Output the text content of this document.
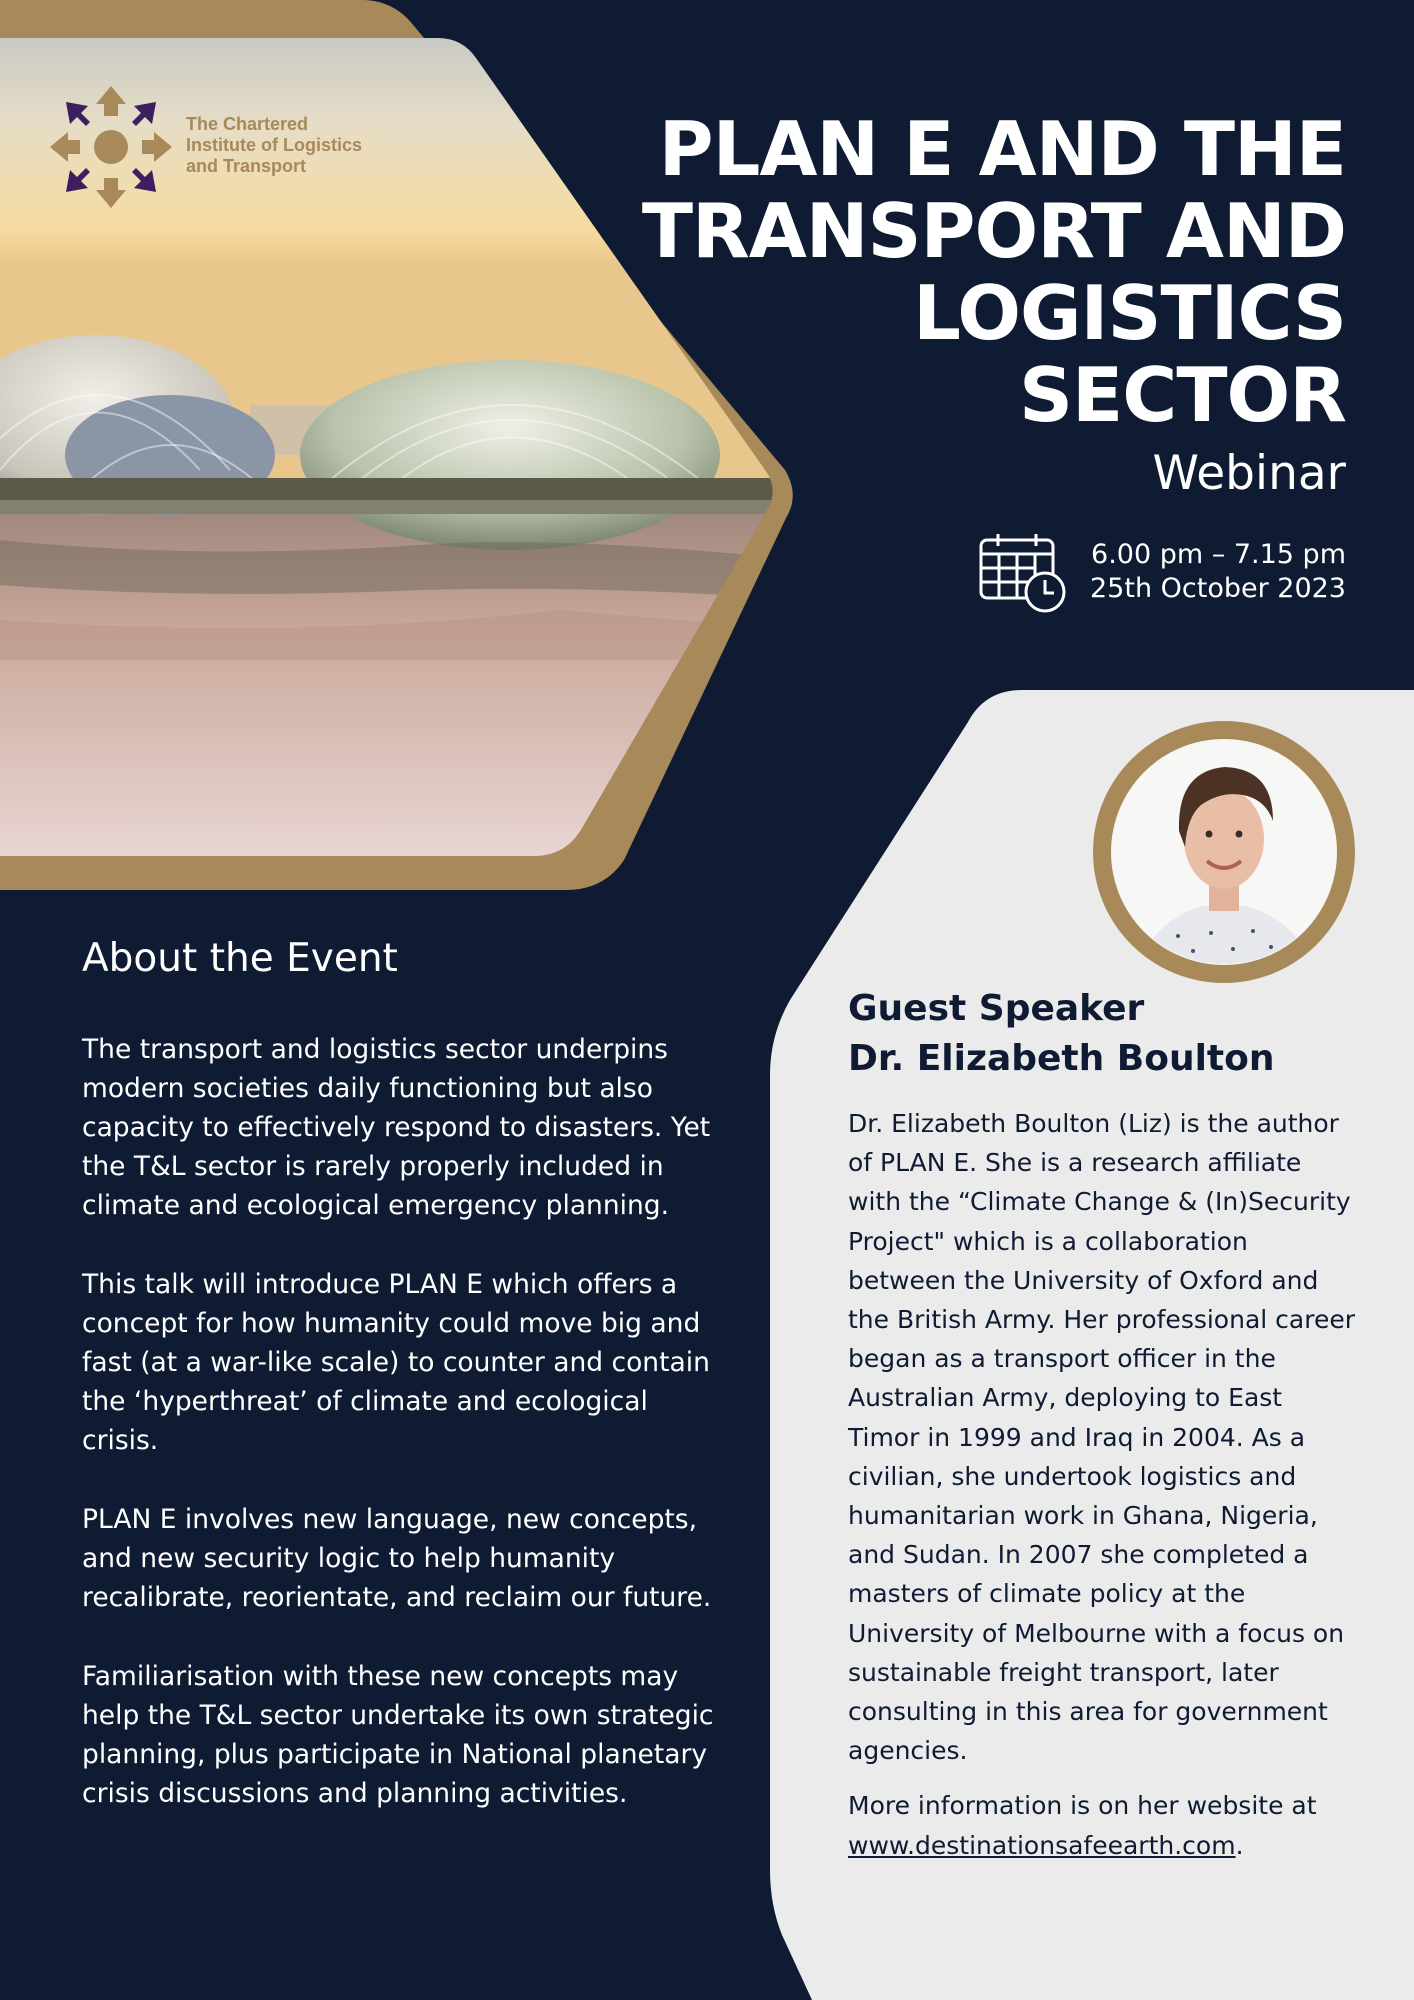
The Chartered
Institute of Logistics
and Transport	PLAN E AND THE
TRANSPORT AND
LOGISTICS
SECTOR
Webinar
6.00 pm – 7.15 pm
25th October 2023
About the Event

The transport and logistics sector underpins modern societies daily functioning but also capacity to effectively respond to disasters. Yet the T&L sector is rarely properly included in climate and ecological emergency planning.

This talk will introduce PLAN E which offers a concept for how humanity could move big and fast (at a war-like scale) to counter and contain the ‘hyperthreat’ of climate and ecological crisis.

PLAN E involves new language, new concepts, and new security logic to help humanity recalibrate, reorientate, and reclaim our future.

Familiarisation with these new concepts may help the T&L sector undertake its own strategic planning, plus participate in National planetary crisis discussions and planning activities.

Guest Speaker
Dr. Elizabeth Boulton

Dr. Elizabeth Boulton (Liz) is the author of PLAN E. She is a research affiliate with the “Climate Change & (In)Security Project" which is a collaboration between the University of Oxford and the British Army. Her professional career began as a transport officer in the Australian Army, deploying to East Timor in 1999 and Iraq in 2004. As a civilian, she undertook logistics and humanitarian work in Ghana, Nigeria, and Sudan. In 2007 she completed a masters of climate policy at the University of Melbourne with a focus on sustainable freight transport, later consulting in this area for government agencies.

More information is on her website at www.destinationsafeearth.com.
